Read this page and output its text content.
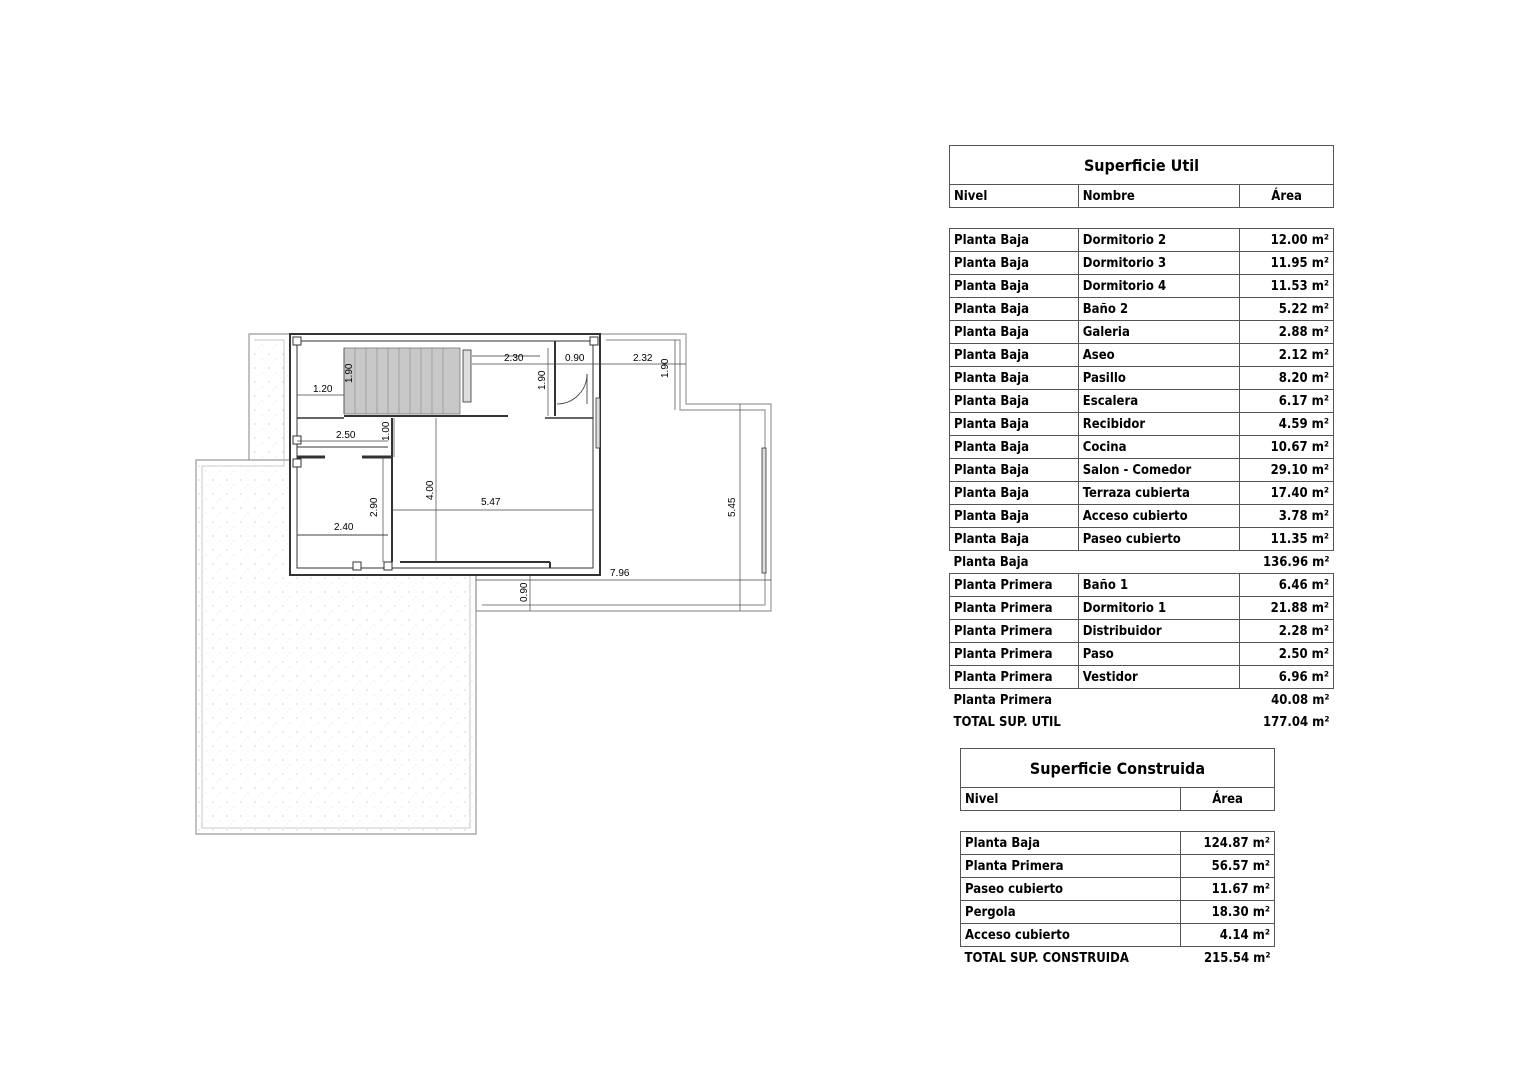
1.20
1.90
2.30	0.90
1.90
2.32
1.90
2.50	1.00
4.00
5.47	5.45
2.90
2.40
0.90
7.96
Superficie Util		
Nivel	Nombre	Área

Planta Baja	Dormitorio 2	12.00 m²
Planta Baja	Dormitorio 3	11.95 m²
Planta Baja	Dormitorio 4	11.53 m²
Planta Baja	Baño 2	5.22 m²
Planta Baja	Galeria	2.88 m²
Planta Baja	Aseo	2.12 m²
Planta Baja	Pasillo	8.20 m²
Planta Baja	Escalera	6.17 m²
Planta Baja	Recibidor	4.59 m²
Planta Baja	Cocina	10.67 m²
Planta Baja	Salon - Comedor	29.10 m²
Planta Baja	Terraza cubierta	17.40 m²
Planta Baja	Acceso cubierto	3.78 m²
Planta Baja	Paseo cubierto	11.35 m²
Planta Baja		136.96 m²
Planta Primera	Baño 1	6.46 m²
Planta Primera	Dormitorio 1	21.88 m²
Planta Primera	Distribuidor	2.28 m²
Planta Primera	Paso	2.50 m²
Planta Primera	Vestidor	6.96 m²
Planta Primera		40.08 m²
TOTAL SUP. UTIL		177.04 m²
Superficie Construida	
Nivel	Área

Planta Baja	124.87 m²
Planta Primera	56.57 m²
Paseo cubierto	11.67 m²
Pergola	18.30 m²
Acceso cubierto	4.14 m²
TOTAL SUP. CONSTRUIDA	215.54 m²
